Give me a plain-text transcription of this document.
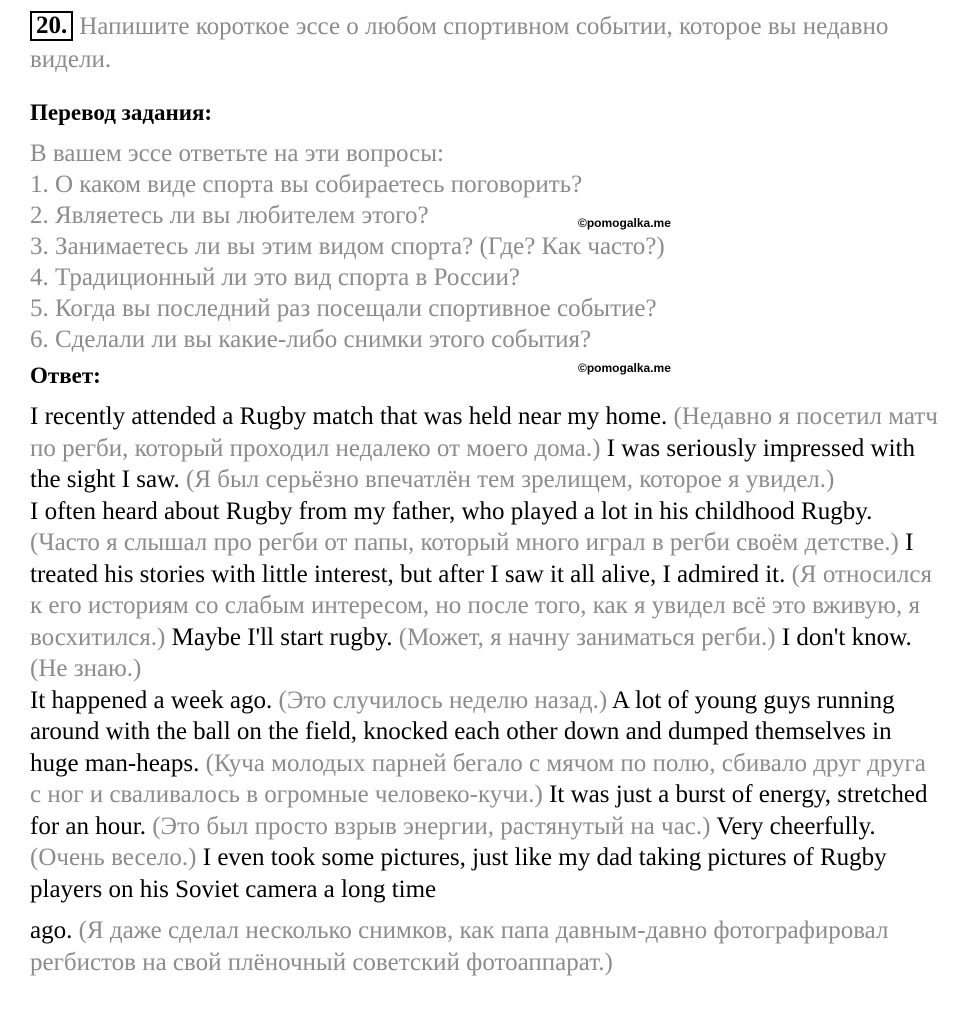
20. Напишите короткое эссе о любом спортивном событии, которое вы недавно видели.

Перевод задания:
В вашем эссе ответьте на эти вопросы:
1. О каком виде спорта вы собираетесь поговорить?
2. Являетесь ли вы любителем этого?	©pomogalka.me
3. Занимаетесь ли вы этим видом спорта? (Где? Как часто?)
4. Традиционный ли это вид спорта в России?
5. Когда вы последний раз посещали спортивное событие?
6. Сделали ли вы какие-либо снимки этого события?
©pomogalka.me
Ответ:

I recently attended a Rugby match that was held near my home. (Недавно я посетил матч по регби, который проходил недалеко от моего дома.) I was seriously impressed with the sight I saw. (Я был серьёзно впечатлён тем зрелищем, которое я увидел.)

I often heard about Rugby from my father, who played a lot in his childhood Rugby. (Часто я слышал про регби от папы, который много играл в регби своём детстве.) I treated his stories with little interest, but after I saw it all alive, I admired it. (Я относился к его историям со слабым интересом, но после того, как я увидел всё это вживую, я восхитился.) Maybe I'll start rugby. (Может, я начну заниматься регби.) I don't know. (Не знаю.)

It happened a week ago. (Это случилось неделю назад.) A lot of young guys running around with the ball on the field, knocked each other down and dumped themselves in huge man-heaps. (Куча молодых парней бегало с мячом по полю, сбивало друг друга с ног и сваливалось в огромные человеко-кучи.) It was just a burst of energy, stretched for an hour. (Это был просто взрыв энергии, растянутый на час.) Very cheerfully. (Очень весело.) I even took some pictures, just like my dad taking pictures of Rugby players on his Soviet camera a long time

ago. (Я даже сделал несколько снимков, как папа давным-давно фотографировал регбистов на свой плёночный советский фотоаппарат.)
